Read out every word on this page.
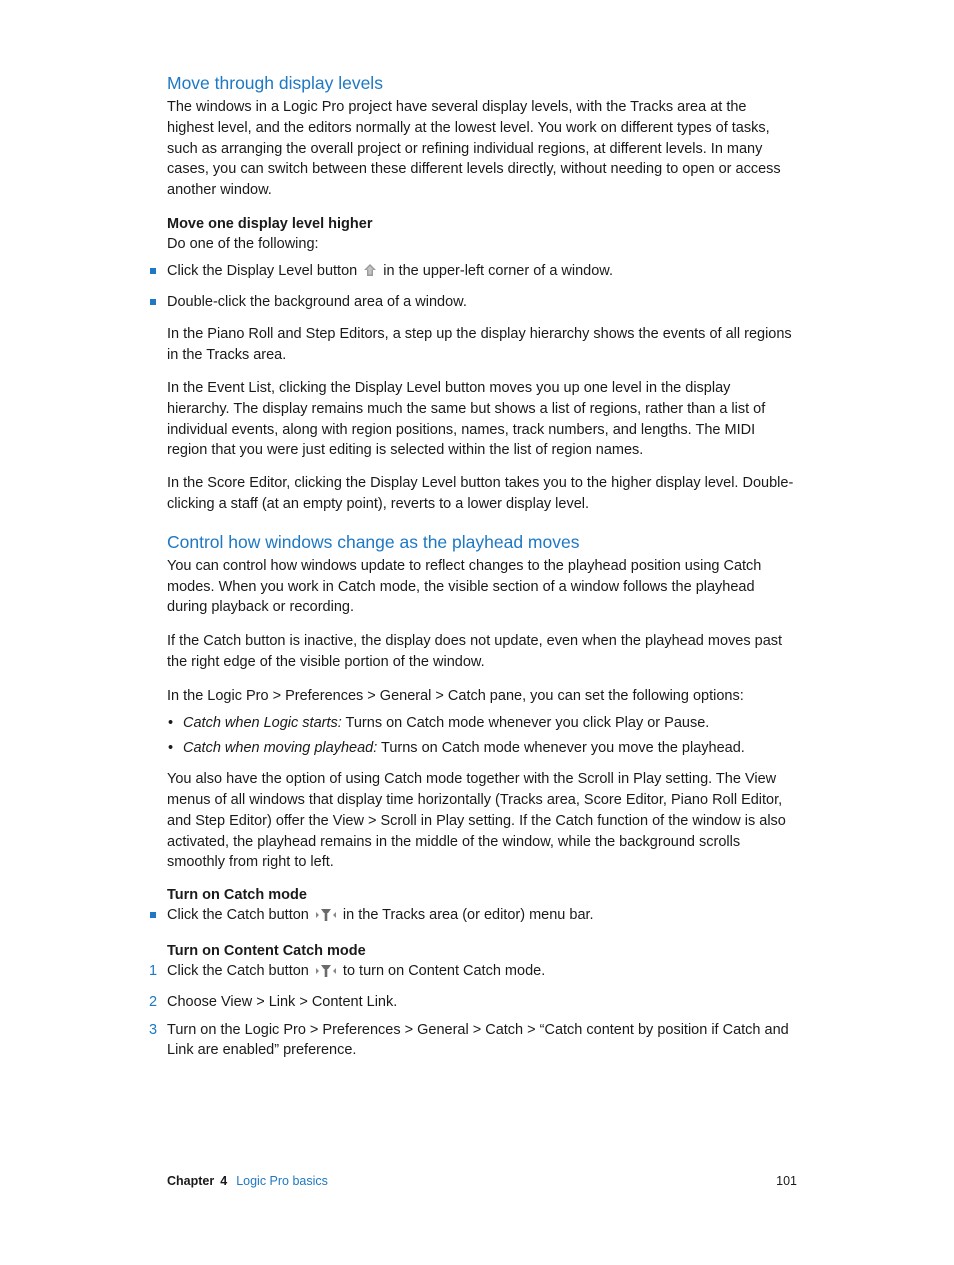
Move through display levels

The windows in a Logic Pro project have several display levels, with the Tracks area at the highest level, and the editors normally at the lowest level. You work on different types of tasks, such as arranging the overall project or refining individual regions, at different levels. In many cases, you can switch between these different levels directly, without needing to open or access another window.

Move one display level higher

Do one of the following:

Click the Display Level button  in the upper-left corner of a window.
Double-click the background area of a window.

In the Piano Roll and Step Editors, a step up the display hierarchy shows the events of all regions in the Tracks area.

In the Event List, clicking the Display Level button moves you up one level in the display hierarchy. The display remains much the same but shows a list of regions, rather than a list of individual events, along with region positions, names, track numbers, and lengths. The MIDI region that you were just editing is selected within the list of region names.

In the Score Editor, clicking the Display Level button takes you to the higher display level. Double-clicking a staff (at an empty point), reverts to a lower display level.

Control how windows change as the playhead moves

You can control how windows update to reflect changes to the playhead position using Catch modes. When you work in Catch mode, the visible section of a window follows the playhead during playback or recording.

If the Catch button is inactive, the display does not update, even when the playhead moves past the right edge of the visible portion of the window.

In the Logic Pro > Preferences > General > Catch pane, you can set the following options:

• Catch when Logic starts: Turns on Catch mode whenever you click Play or Pause.
• Catch when moving playhead: Turns on Catch mode whenever you move the playhead.

You also have the option of using Catch mode together with the Scroll in Play setting. The View menus of all windows that display time horizontally (Tracks area, Score Editor, Piano Roll Editor, and Step Editor) offer the View > Scroll in Play setting. If the Catch function of the window is also activated, the playhead remains in the middle of the window, while the background scrolls smoothly from right to left.

Turn on Catch mode
Click the Catch button  in the Tracks area (or editor) menu bar.
Turn on Content Catch mode
1 Click the Catch button  to turn on Content Catch mode.
2 Choose View > Link > Content Link.
3 Turn on the Logic Pro > Preferences > General > Catch > “Catch content by position if Catch and Link are enabled” preference.
Chapter 4 Logic Pro basics	101
